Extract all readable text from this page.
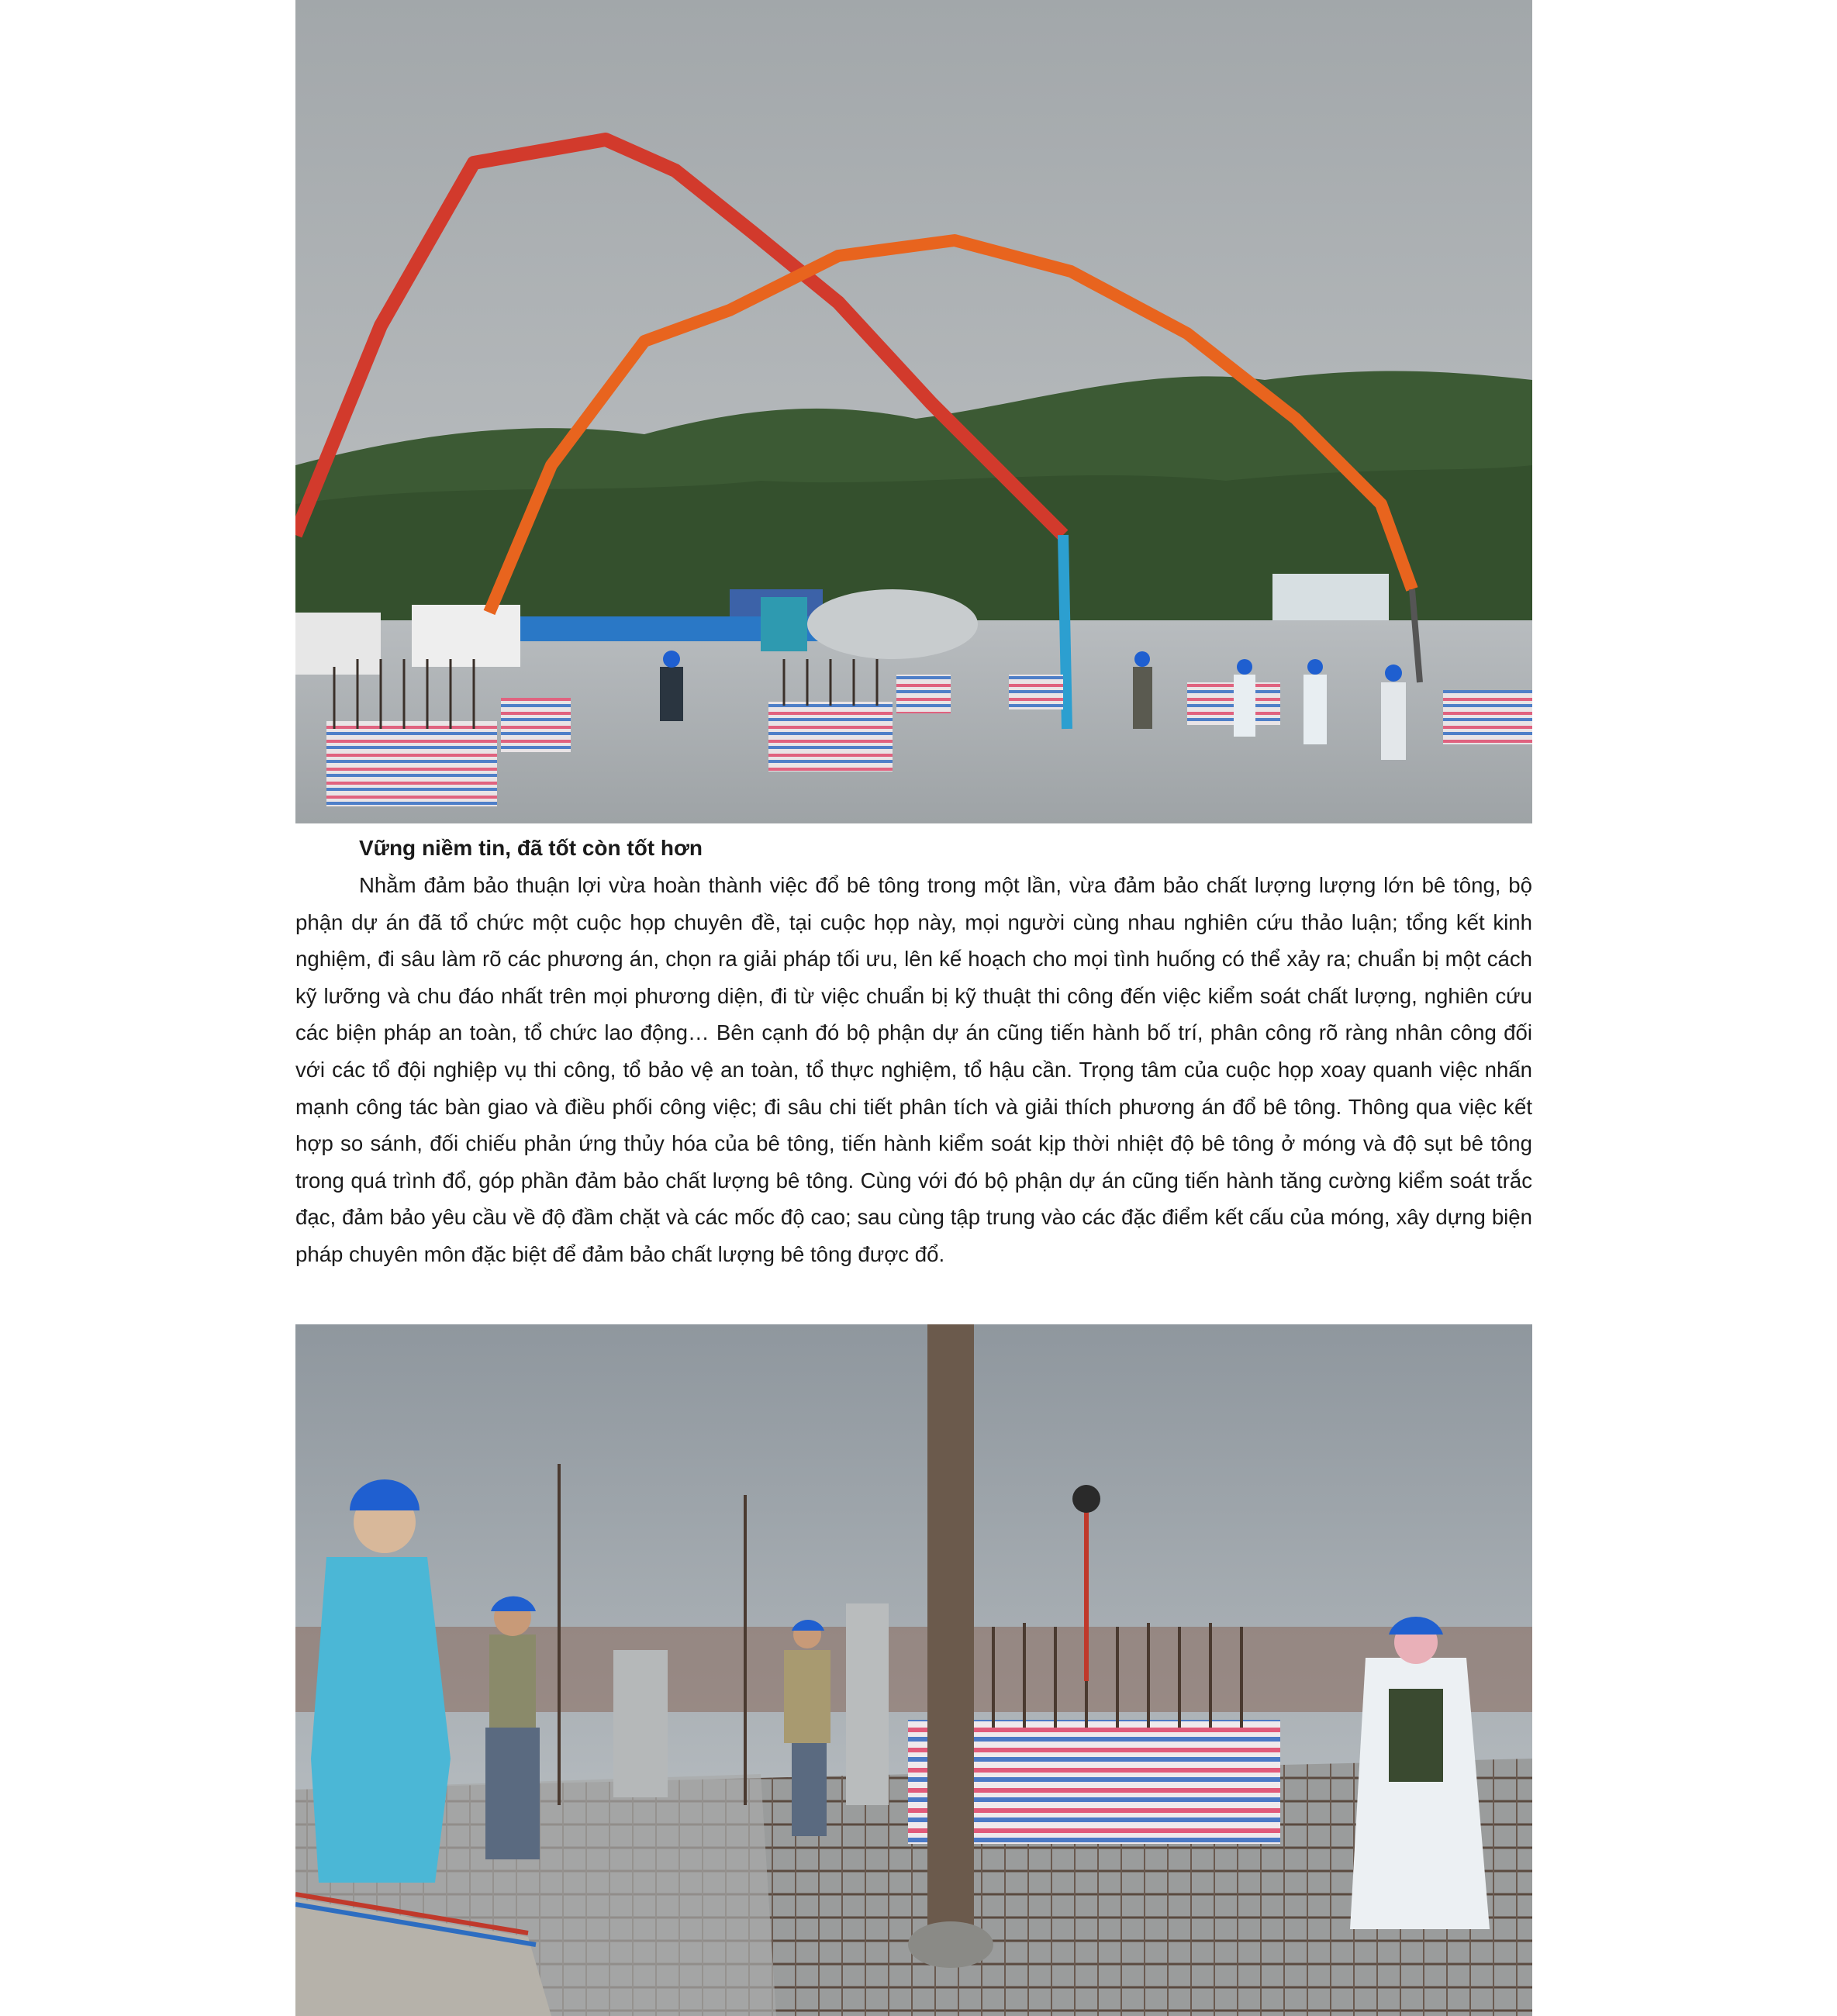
Vững niềm tin, đã tốt còn tốt hơn

Nhằm đảm bảo thuận lợi vừa hoàn thành việc đổ bê tông trong một lần, vừa đảm bảo chất lượng lượng lớn bê tông, bộ phận dự án đã tổ chức một cuộc họp chuyên đề, tại cuộc họp này, mọi người cùng nhau nghiên cứu thảo luận; tổng kết kinh nghiệm, đi sâu làm rõ các phương án, chọn ra giải pháp tối ưu, lên kế hoạch cho mọi tình huống có thể xảy ra; chuẩn bị một cách kỹ lưỡng và chu đáo nhất trên mọi phương diện, đi từ việc chuẩn bị kỹ thuật thi công đến việc kiểm soát chất lượng, nghiên cứu các biện pháp an toàn, tổ chức lao động… Bên cạnh đó bộ phận dự án cũng tiến hành bố trí, phân công rõ ràng nhân công đối với các tổ đội nghiệp vụ thi công, tổ bảo vệ an toàn, tổ thực nghiệm, tổ hậu cần. Trọng tâm của cuộc họp xoay quanh việc nhấn mạnh công tác bàn giao và điều phối công việc; đi sâu chi tiết phân tích và giải thích phương án đổ bê tông. Thông qua việc kết hợp so sánh, đối chiếu phản ứng thủy hóa của bê tông, tiến hành kiểm soát kịp thời nhiệt độ bê tông ở móng và độ sụt bê tông trong quá trình đổ, góp phần đảm bảo chất lượng bê tông. Cùng với đó bộ phận dự án cũng tiến hành tăng cường kiểm soát trắc đạc, đảm bảo yêu cầu về độ đầm chặt và các mốc độ cao; sau cùng tập trung vào các đặc điểm kết cấu của móng, xây dựng biện pháp chuyên môn đặc biệt để đảm bảo chất lượng bê tông được đổ.
